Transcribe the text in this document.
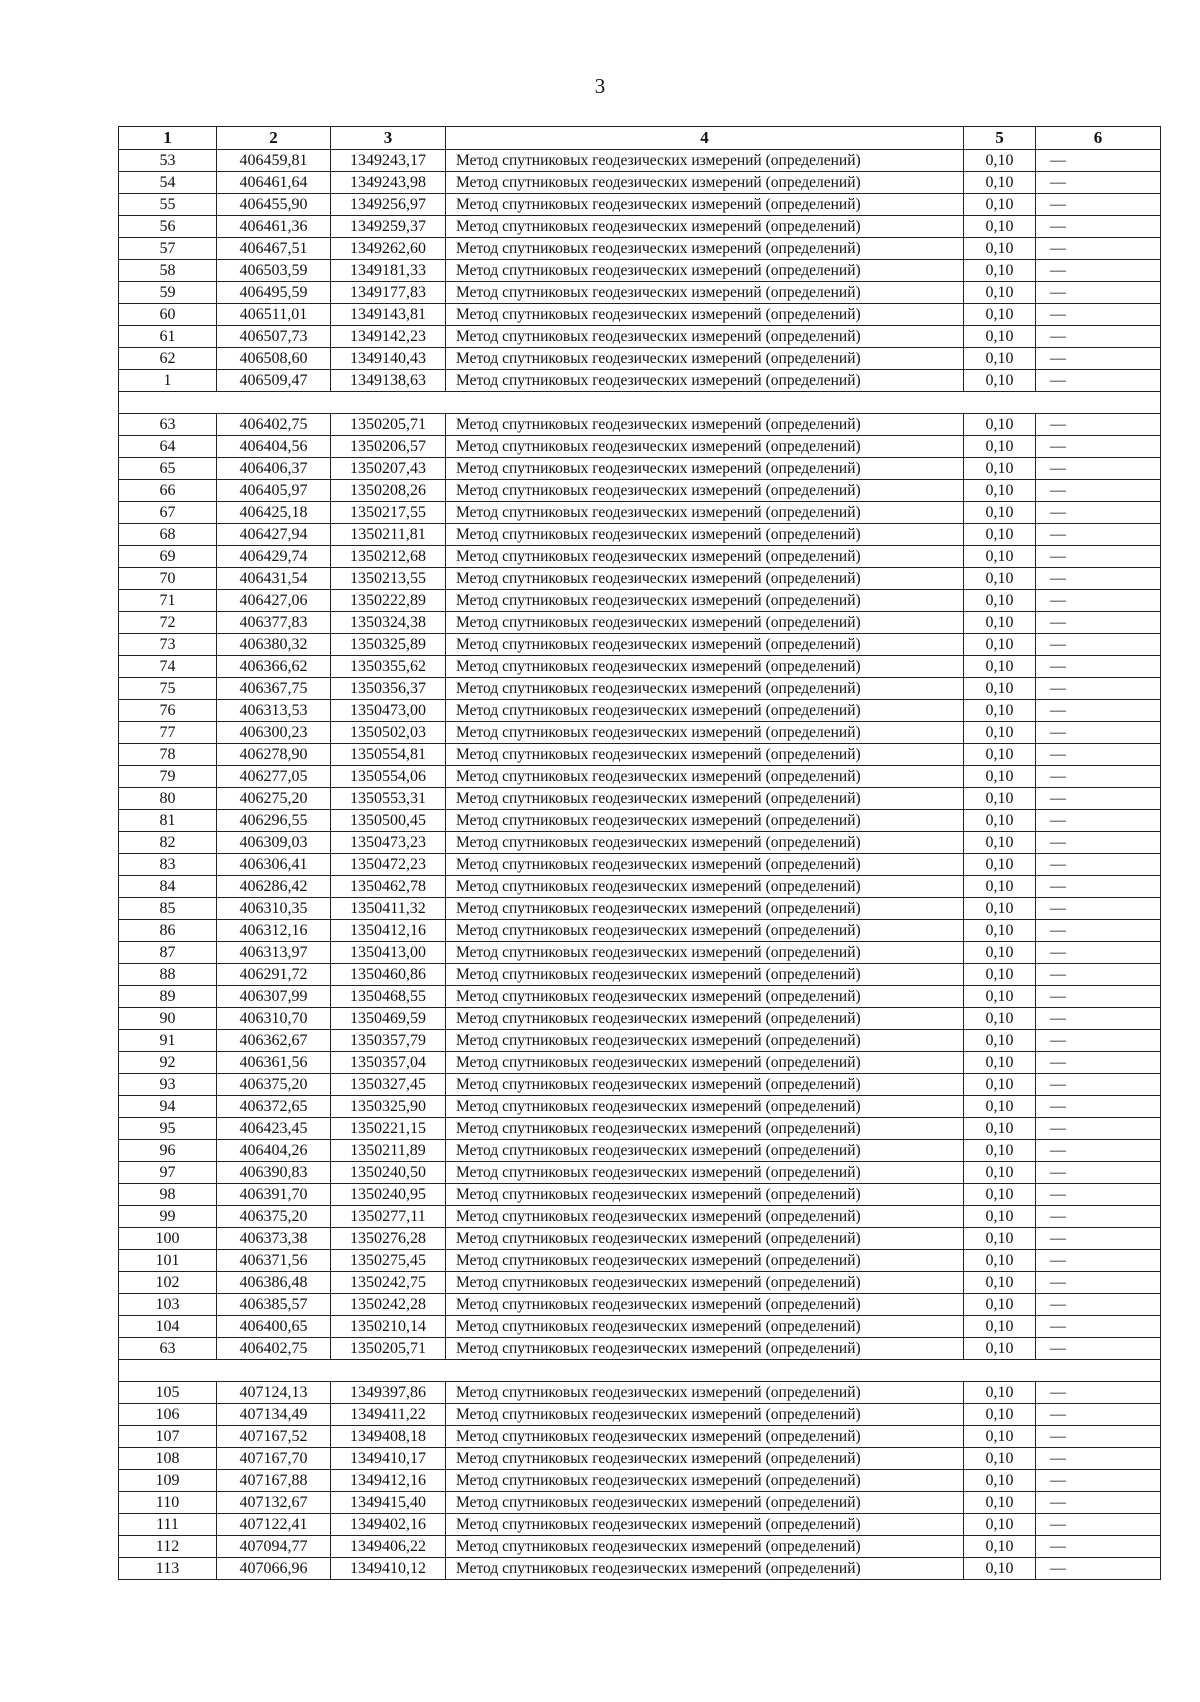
3
1	2	3	4	5	6
53	406459,81	1349243,17	Метод спутниковых геодезических измерений (определений)	0,10	—
54	406461,64	1349243,98	Метод спутниковых геодезических измерений (определений)	0,10	—
55	406455,90	1349256,97	Метод спутниковых геодезических измерений (определений)	0,10	—
56	406461,36	1349259,37	Метод спутниковых геодезических измерений (определений)	0,10	—
57	406467,51	1349262,60	Метод спутниковых геодезических измерений (определений)	0,10	—
58	406503,59	1349181,33	Метод спутниковых геодезических измерений (определений)	0,10	—
59	406495,59	1349177,83	Метод спутниковых геодезических измерений (определений)	0,10	—
60	406511,01	1349143,81	Метод спутниковых геодезических измерений (определений)	0,10	—
61	406507,73	1349142,23	Метод спутниковых геодезических измерений (определений)	0,10	—
62	406508,60	1349140,43	Метод спутниковых геодезических измерений (определений)	0,10	—
1	406509,47	1349138,63	Метод спутниковых геодезических измерений (определений)	0,10	—

63	406402,75	1350205,71	Метод спутниковых геодезических измерений (определений)	0,10	—
64	406404,56	1350206,57	Метод спутниковых геодезических измерений (определений)	0,10	—
65	406406,37	1350207,43	Метод спутниковых геодезических измерений (определений)	0,10	—
66	406405,97	1350208,26	Метод спутниковых геодезических измерений (определений)	0,10	—
67	406425,18	1350217,55	Метод спутниковых геодезических измерений (определений)	0,10	—
68	406427,94	1350211,81	Метод спутниковых геодезических измерений (определений)	0,10	—
69	406429,74	1350212,68	Метод спутниковых геодезических измерений (определений)	0,10	—
70	406431,54	1350213,55	Метод спутниковых геодезических измерений (определений)	0,10	—
71	406427,06	1350222,89	Метод спутниковых геодезических измерений (определений)	0,10	—
72	406377,83	1350324,38	Метод спутниковых геодезических измерений (определений)	0,10	—
73	406380,32	1350325,89	Метод спутниковых геодезических измерений (определений)	0,10	—
74	406366,62	1350355,62	Метод спутниковых геодезических измерений (определений)	0,10	—
75	406367,75	1350356,37	Метод спутниковых геодезических измерений (определений)	0,10	—
76	406313,53	1350473,00	Метод спутниковых геодезических измерений (определений)	0,10	—
77	406300,23	1350502,03	Метод спутниковых геодезических измерений (определений)	0,10	—
78	406278,90	1350554,81	Метод спутниковых геодезических измерений (определений)	0,10	—
79	406277,05	1350554,06	Метод спутниковых геодезических измерений (определений)	0,10	—
80	406275,20	1350553,31	Метод спутниковых геодезических измерений (определений)	0,10	—
81	406296,55	1350500,45	Метод спутниковых геодезических измерений (определений)	0,10	—
82	406309,03	1350473,23	Метод спутниковых геодезических измерений (определений)	0,10	—
83	406306,41	1350472,23	Метод спутниковых геодезических измерений (определений)	0,10	—
84	406286,42	1350462,78	Метод спутниковых геодезических измерений (определений)	0,10	—
85	406310,35	1350411,32	Метод спутниковых геодезических измерений (определений)	0,10	—
86	406312,16	1350412,16	Метод спутниковых геодезических измерений (определений)	0,10	—
87	406313,97	1350413,00	Метод спутниковых геодезических измерений (определений)	0,10	—
88	406291,72	1350460,86	Метод спутниковых геодезических измерений (определений)	0,10	—
89	406307,99	1350468,55	Метод спутниковых геодезических измерений (определений)	0,10	—
90	406310,70	1350469,59	Метод спутниковых геодезических измерений (определений)	0,10	—
91	406362,67	1350357,79	Метод спутниковых геодезических измерений (определений)	0,10	—
92	406361,56	1350357,04	Метод спутниковых геодезических измерений (определений)	0,10	—
93	406375,20	1350327,45	Метод спутниковых геодезических измерений (определений)	0,10	—
94	406372,65	1350325,90	Метод спутниковых геодезических измерений (определений)	0,10	—
95	406423,45	1350221,15	Метод спутниковых геодезических измерений (определений)	0,10	—
96	406404,26	1350211,89	Метод спутниковых геодезических измерений (определений)	0,10	—
97	406390,83	1350240,50	Метод спутниковых геодезических измерений (определений)	0,10	—
98	406391,70	1350240,95	Метод спутниковых геодезических измерений (определений)	0,10	—
99	406375,20	1350277,11	Метод спутниковых геодезических измерений (определений)	0,10	—
100	406373,38	1350276,28	Метод спутниковых геодезических измерений (определений)	0,10	—
101	406371,56	1350275,45	Метод спутниковых геодезических измерений (определений)	0,10	—
102	406386,48	1350242,75	Метод спутниковых геодезических измерений (определений)	0,10	—
103	406385,57	1350242,28	Метод спутниковых геодезических измерений (определений)	0,10	—
104	406400,65	1350210,14	Метод спутниковых геодезических измерений (определений)	0,10	—
63	406402,75	1350205,71	Метод спутниковых геодезических измерений (определений)	0,10	—

105	407124,13	1349397,86	Метод спутниковых геодезических измерений (определений)	0,10	—
106	407134,49	1349411,22	Метод спутниковых геодезических измерений (определений)	0,10	—
107	407167,52	1349408,18	Метод спутниковых геодезических измерений (определений)	0,10	—
108	407167,70	1349410,17	Метод спутниковых геодезических измерений (определений)	0,10	—
109	407167,88	1349412,16	Метод спутниковых геодезических измерений (определений)	0,10	—
110	407132,67	1349415,40	Метод спутниковых геодезических измерений (определений)	0,10	—
111	407122,41	1349402,16	Метод спутниковых геодезических измерений (определений)	0,10	—
112	407094,77	1349406,22	Метод спутниковых геодезических измерений (определений)	0,10	—
113	407066,96	1349410,12	Метод спутниковых геодезических измерений (определений)	0,10	—
